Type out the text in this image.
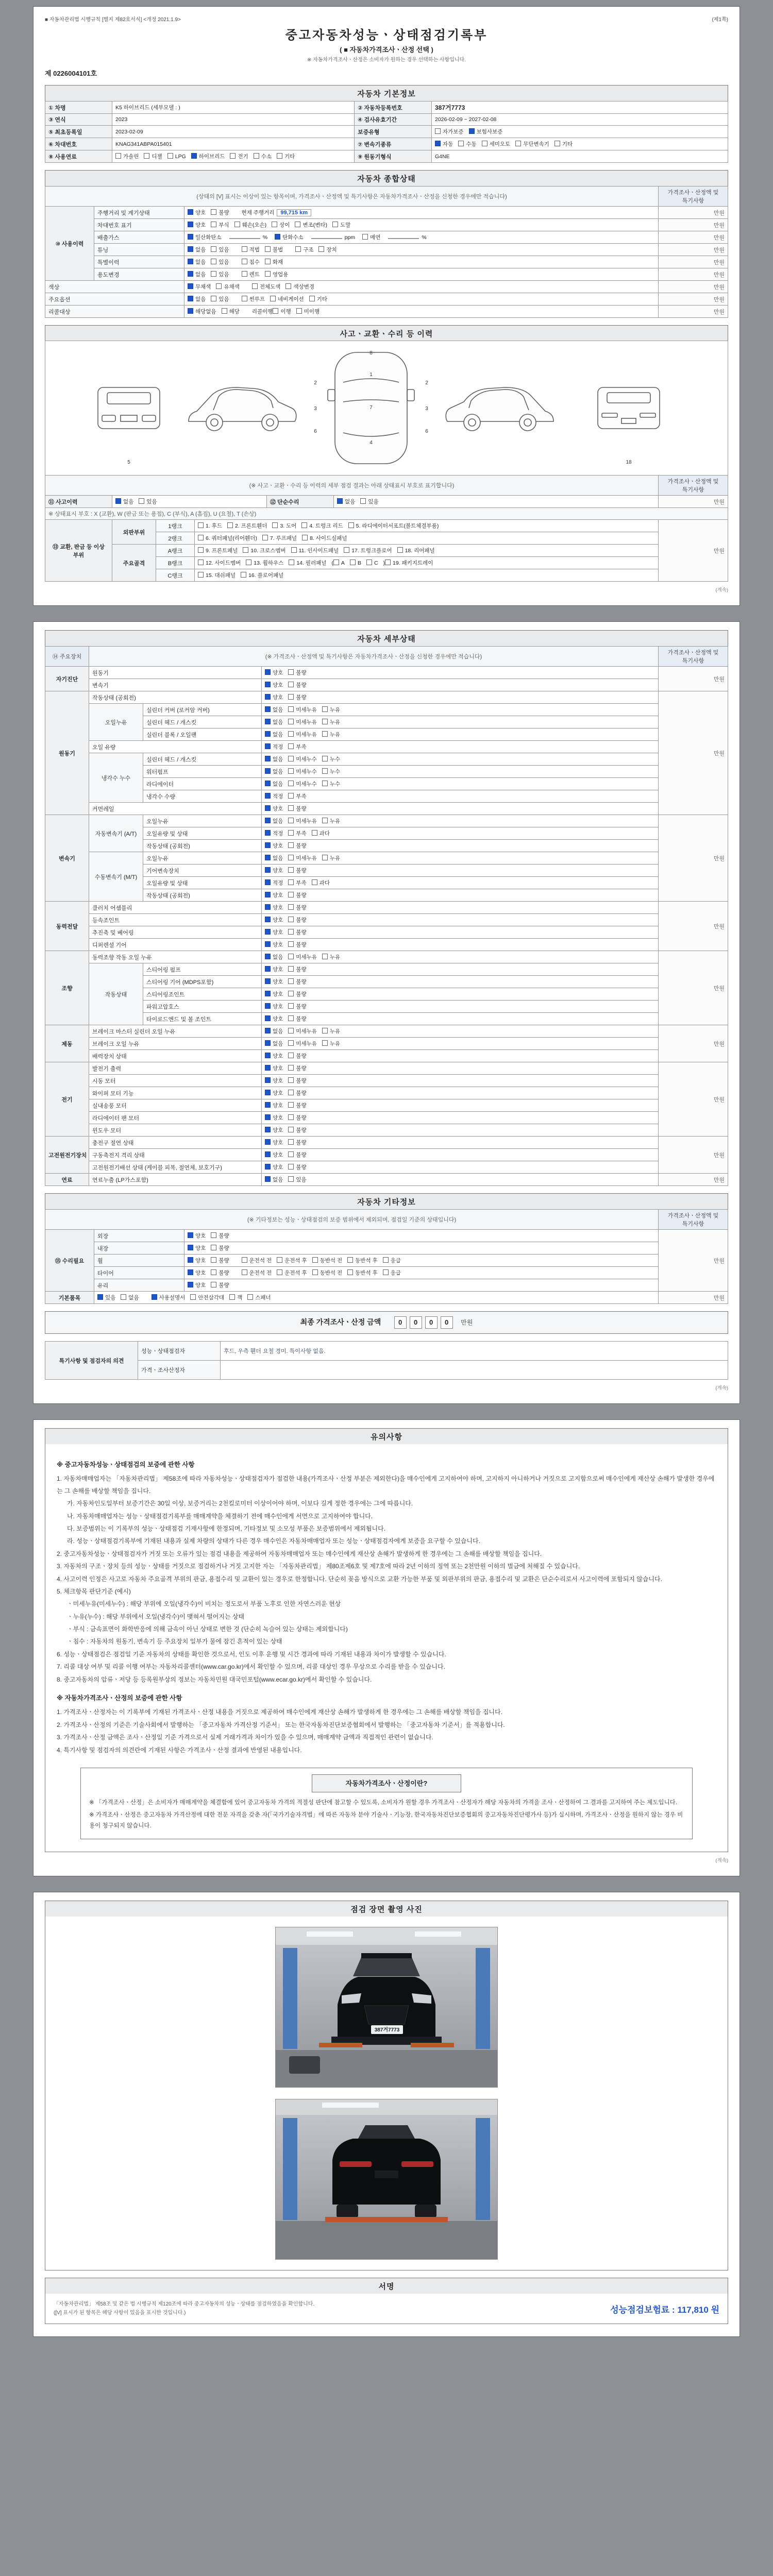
■ 자동차관리법 시행규칙 [별지 제82호서식] <개정 2021.1.9>	(제1쪽)
중고자동차성능ㆍ상태점검기록부
( ■ 자동차가격조사ㆍ산정 선택 )
※ 자동차가격조사ㆍ산정은 소비자가 원하는 경우 선택하는 사항입니다.
제 0226004101호
자동차 기본정보
① 차명	K5 하이브리드 (세부모델 : )	② 자동차등록번호	387거7773
③ 연식	2023	④ 검사유효기간	2026-02-09 ~ 2027-02-08
⑤ 최초등록일	2023-02-09	보증유형	자가보증 보험사보증
⑥ 차대번호	KNAG341ABPA015401	⑦ 변속기종류	자동 수동 세미오토 무단변속기 기타
⑧ 사용연료	가솔린 디젤 LPG 하이브리드 전기 수소 기타	⑨ 원동기형식	G4NE
자동차 종합상태
(상태의 [V] 표시는 이상이 있는 항목이며, 가격조사ㆍ산정액 및 특기사항은 자동차가격조사ㆍ산정을 신청한 경우에만 적습니다)			가격조사ㆍ산정액 및 특기사항
⑩ 사용이력	주행거리 및 계기상태	양호 불량 현재 주행거리 99,715 km	만원
	차대번호 표기	양호 부식 훼손(오손) 상이 변조(변타) 도말	만원
	배출가스	일산화탄소 % 탄화수소 ppm 매연 %	만원
	튜닝	없음 있음 적법 불법 구조 장치	만원
	특별이력	없음 있음 침수 화재	만원
	용도변경	없음 있음 렌트 영업용	만원
색상		무채색 유채색 전체도색 색상변경	만원
주요옵션		없음 있음 썬루프 네비게이션 기타	만원
리콜대상		해당없음 해당 리콜이행 이행 미이행	만원
사고ㆍ교환ㆍ수리 등 이력
1
7
4
2
3
6
2
3
6
5
8
18
(※ 사고ㆍ교환ㆍ수리 등 이력의 세부 점검 결과는 아래 상태표시 부호로 표기합니다)				가격조사ㆍ산정액 및 특기사항
⑪ 사고이력	없음 있음	⑫ 단순수리	없음 있음	만원
※ 상태표시 부호 : X (교환), W (판금 또는 용접), C (부식), A (흠집), U (요철), T (손상)				
⑬ 교환, 판금 등 이상 부위	외판부위	1랭크	1. 후드 2. 프론트휀더 3. 도어 4. 트렁크 리드 5. 라디에이터서포트(볼트체결부품)	만원
		2랭크	6. 쿼터패널(리어휀더) 7. 루프패널 8. 사이드실패널	
	주요골격	A랭크	9. 프론트패널 10. 크로스멤버 11. 인사이드패널 17. 트렁크플로어 18. 리어패널	
		B랭크	12. 사이드멤버 13. 휠하우스 14. 필러패널 ( A B C ) 19. 패키지트레이	
		C랭크	15. 대쉬패널 16. 플로어패널	
(계속)
자동차 세부상태
⑭ 주요장치	(※ 가격조사ㆍ산정액 및 특기사항은 자동차가격조사ㆍ산정을 신청한 경우에만 적습니다)			가격조사ㆍ산정액 및 특기사항
자기진단	원동기		양호 불량	만원
	변속기		양호 불량	
원동기	작동상태 (공회전)		양호 불량	만원
	오일누유	실린더 커버 (로커암 커버)	없음 미세누유 누유	
		실린더 헤드 / 개스킷	없음 미세누유 누유	
		실린더 블록 / 오일팬	없음 미세누유 누유	
	오일 유량		적정 부족	
	냉각수 누수	실린더 헤드 / 개스킷	없음 미세누수 누수	
		워터펌프	없음 미세누수 누수	
		라디에이터	없음 미세누수 누수	
		냉각수 수량	적정 부족	
	커먼레일		양호 불량	
변속기	자동변속기 (A/T)	오일누유	없음 미세누유 누유	만원
		오일유량 및 상태	적정 부족 과다	
		작동상태 (공회전)	양호 불량	
	수동변속기 (M/T)	오일누유	없음 미세누유 누유	
		기어변속장치	양호 불량	
		오일유량 및 상태	적정 부족 과다	
		작동상태 (공회전)	양호 불량	
동력전달	클러치 어셈블리		양호 불량	만원
	등속조인트		양호 불량	
	추진축 및 베어링		양호 불량	
	디퍼렌셜 기어		양호 불량	
조향	동력조향 작동 오일 누유		없음 미세누유 누유	만원
	작동상태	스티어링 펌프	양호 불량	
		스티어링 기어 (MDPS포함)	양호 불량	
		스티어링조인트	양호 불량	
		파워고압호스	양호 불량	
		타이로드엔드 및 볼 조인트	양호 불량	
제동	브레이크 마스터 실린더 오일 누유		없음 미세누유 누유	만원
	브레이크 오일 누유		없음 미세누유 누유	
	배력장치 상태		양호 불량	
전기	발전기 출력		양호 불량	만원
	시동 모터		양호 불량	
	와이퍼 모터 기능		양호 불량	
	실내송풍 모터		양호 불량	
	라디에이터 팬 모터		양호 불량	
	윈도우 모터		양호 불량	
고전원전기장치	충전구 절연 상태		양호 불량	만원
	구동축전지 격리 상태		양호 불량	
	고전원전기배선 상태 (케이블 피복, 절연체, 보호기구)		양호 불량	
연료	연료누출 (LP가스포함)		없음 있음	만원
자동차 기타정보
(※ 기타정보는 성능ㆍ상태점검의 보증 범위에서 제외되며, 점검일 기준의 상태입니다)			가격조사ㆍ산정액 및 특기사항
⑮ 수리필요	외장	양호 불량	만원
	내장	양호 불량	
	휠	양호 불량 운전석 전 운전석 후 동반석 전 동반석 후 응급	
	타이어	양호 불량 운전석 전 운전석 후 동반석 전 동반석 후 응급	
	유리	양호 불량	
기본품목	있음 없음 사용설명서 안전삼각대 잭 스패너		만원
최종 가격조사ㆍ산정 금액	0 0 0 0 만원
특기사항 및 점검자의 의견	성능ㆍ상태점검자	후드, 우측 휀더 요철 경미. 특이사항 없음.
	가격ㆍ조사산정자	
(계속)
유의사항
※ 중고자동차성능ㆍ상태점검의 보증에 관한 사항
1. 자동차매매업자는 「자동차관리법」 제58조에 따라 자동차성능ㆍ상태점검자가 점검한 내용(가격조사ㆍ산정 부분은 제외한다)을 매수인에게 고지하여야 하며, 고지하지 아니하거나 거짓으로 고지함으로써 매수인에게 재산상 손해가 발생한 경우에는 그 손해를 배상할 책임을 집니다.
가. 자동차인도일부터 보증기간은 30일 이상, 보증거리는 2천킬로미터 이상이어야 하며, 이보다 길게 정한 경우에는 그에 따릅니다.
나. 자동차매매업자는 성능ㆍ상태점검기록부를 매매계약을 체결하기 전에 매수인에게 서면으로 고지하여야 합니다.
다. 보증범위는 이 기록부의 성능ㆍ상태점검 기재사항에 한정되며, 기타정보 및 소모성 부품은 보증범위에서 제외됩니다.
라. 성능ㆍ상태점검기록부에 기재된 내용과 실제 차량의 상태가 다른 경우 매수인은 자동차매매업자 또는 성능ㆍ상태점검자에게 보증을 요구할 수 있습니다.
2. 중고자동차성능ㆍ상태점검자가 거짓 또는 오류가 있는 점검 내용을 제공하여 자동차매매업자 또는 매수인에게 재산상 손해가 발생하게 한 경우에는 그 손해를 배상할 책임을 집니다.
3. 자동차의 구조ㆍ장치 등의 성능ㆍ상태를 거짓으로 점검하거나 거짓 고지한 자는 「자동차관리법」 제80조제6호 및 제7호에 따라 2년 이하의 징역 또는 2천만원 이하의 벌금에 처해질 수 있습니다.
4. 사고이력 인정은 사고로 자동차 주요골격 부위의 판금, 용접수리 및 교환이 있는 경우로 한정합니다. 단순히 꽂음 방식으로 교환 가능한 부품 및 외판부위의 판금, 용접수리 및 교환은 단순수리로서 사고이력에 포함되지 않습니다.
5. 체크항목 판단기준 (예시)
ㆍ미세누유(미세누수) : 해당 부위에 오일(냉각수)이 비치는 정도로서 부품 노후로 인한 자연스러운 현상
ㆍ누유(누수) : 해당 부위에서 오일(냉각수)이 맺혀서 떨어지는 상태
ㆍ부식 : 금속표면이 화학반응에 의해 금속이 아닌 상태로 변한 것 (단순히 녹슬어 있는 상태는 제외합니다)
ㆍ침수 : 자동차의 원동기, 변속기 등 주요장치 일부가 물에 잠긴 흔적이 있는 상태
6. 성능ㆍ상태점검은 점검일 기준 자동차의 상태를 확인한 것으로서, 인도 이후 운행 및 시간 경과에 따라 기재된 내용과 차이가 발생할 수 있습니다.
7. 리콜 대상 여부 및 리콜 이행 여부는 자동차리콜센터(www.car.go.kr)에서 확인할 수 있으며, 리콜 대상인 경우 무상으로 수리를 받을 수 있습니다.
8. 중고자동차의 압류ㆍ저당 등 등록원부상의 정보는 자동차민원 대국민포털(www.ecar.go.kr)에서 확인할 수 있습니다.
※ 자동차가격조사ㆍ산정의 보증에 관한 사항
1. 가격조사ㆍ산정자는 이 기록부에 기재된 가격조사ㆍ산정 내용을 거짓으로 제공하여 매수인에게 재산상 손해가 발생하게 한 경우에는 그 손해를 배상할 책임을 집니다.
2. 가격조사ㆍ산정의 기준은 기술사회에서 발행하는 「중고자동차 가격산정 기준서」 또는 한국자동차진단보증협회에서 발행하는 「중고자동차 기준서」를 적용합니다.
3. 가격조사ㆍ산정 금액은 조사ㆍ산정일 기준 가격으로서 실제 거래가격과 차이가 있을 수 있으며, 매매계약 금액과 직접적인 관련이 없습니다.
4. 특기사항 및 점검자의 의견란에 기재된 사항은 가격조사ㆍ산정 결과에 반영된 내용입니다.
자동차가격조사ㆍ산정이란?
※ 「가격조사ㆍ산정」은 소비자가 매매계약을 체결함에 있어 중고자동차 가격의 적절성 판단에 참고할 수 있도록, 소비자가 원할 경우 가격조사ㆍ산정자가 해당 자동차의 가격을 조사ㆍ산정하여 그 결과를 고지하여 주는 제도입니다.
※ 가격조사ㆍ산정은 중고자동차 가격산정에 대한 전문 자격을 갖춘 자(「국가기술자격법」에 따른 자동차 분야 기술사ㆍ기능장, 한국자동차진단보증협회의 중고자동차진단평가사 등)가 실시하며, 가격조사ㆍ산정을 원하지 않는 경우 비용이 청구되지 않습니다.
(계속)
점검 장면 촬영 사진
387거7773
서명
「자동차관리법」 제58조 및 같은 법 시행규칙 제120조에 따라 중고자동차의 성능ㆍ상태를 점검하였음을 확인합니다.
([V] 표시가 된 항목은 해당 사항이 있음을 표시한 것입니다.)	성능점검보험료 : 117,810 원
